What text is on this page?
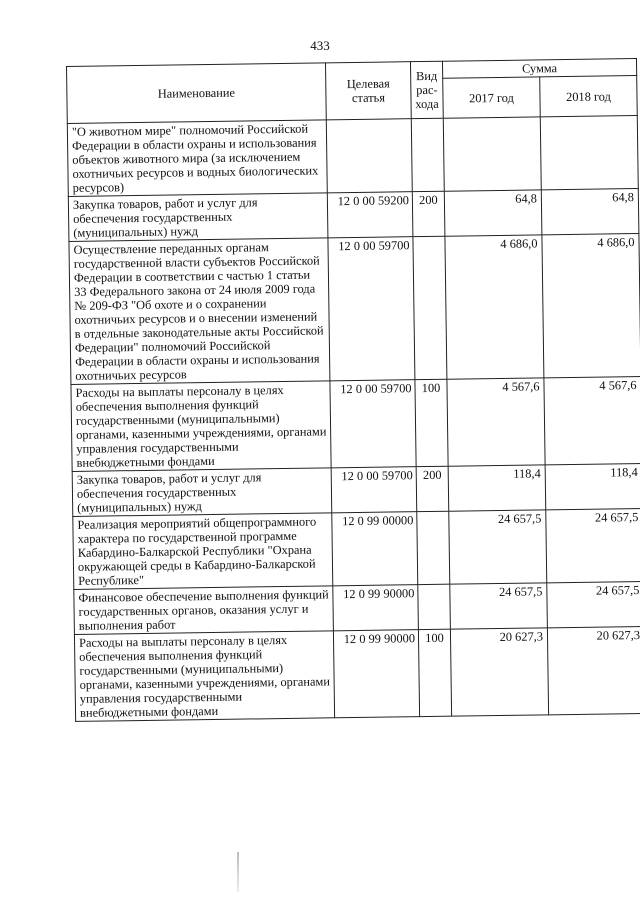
433
Наименование	Целевая статья	Вид рас-хода	Сумма	
			2017 год	2018 год
"О животном мире" полномочий Российской Федерации в области охраны и использования объектов животного мира (за исключением охотничьих ресурсов и водных биологических ресурсов)				
Закупка товаров, работ и услуг для обеспечения государственных (муниципальных) нужд	12 0 00 59200	200	64,8	64,8
Осуществление переданных органам государственной власти субъектов Российской Федерации в соответствии с частью 1 статьи 33 Федерального закона от 24 июля 2009 года № 209-ФЗ "Об охоте и о сохранении охотничьих ресурсов и о внесении изменений в отдельные законодательные акты Российской Федерации" полномочий Российской Федерации в области охраны и использования охотничьих ресурсов	12 0 00 59700		4 686,0	4 686,0
Расходы на выплаты персоналу в целях обеспечения выполнения функций государственными (муниципальными) органами, казенными учреждениями, органами управления государственными внебюджетными фондами	12 0 00 59700	100	4 567,6	4 567,6
Закупка товаров, работ и услуг для обеспечения государственных (муниципальных) нужд	12 0 00 59700	200	118,4	118,4
Реализация мероприятий общепрограммного характера по государственной программе Кабардино-Балкарской Республики "Охрана окружающей среды в Кабардино-Балкарской Республике"	12 0 99 00000		24 657,5	24 657,5
Финансовое обеспечение выполнения функций государственных органов, оказания услуг и выполнения работ	12 0 99 90000		24 657,5	24 657,5
Расходы на выплаты персоналу в целях обеспечения выполнения функций государственными (муниципальными) органами, казенными учреждениями, органами управления государственными внебюджетными фондами	12 0 99 90000	100	20 627,3	20 627,3
